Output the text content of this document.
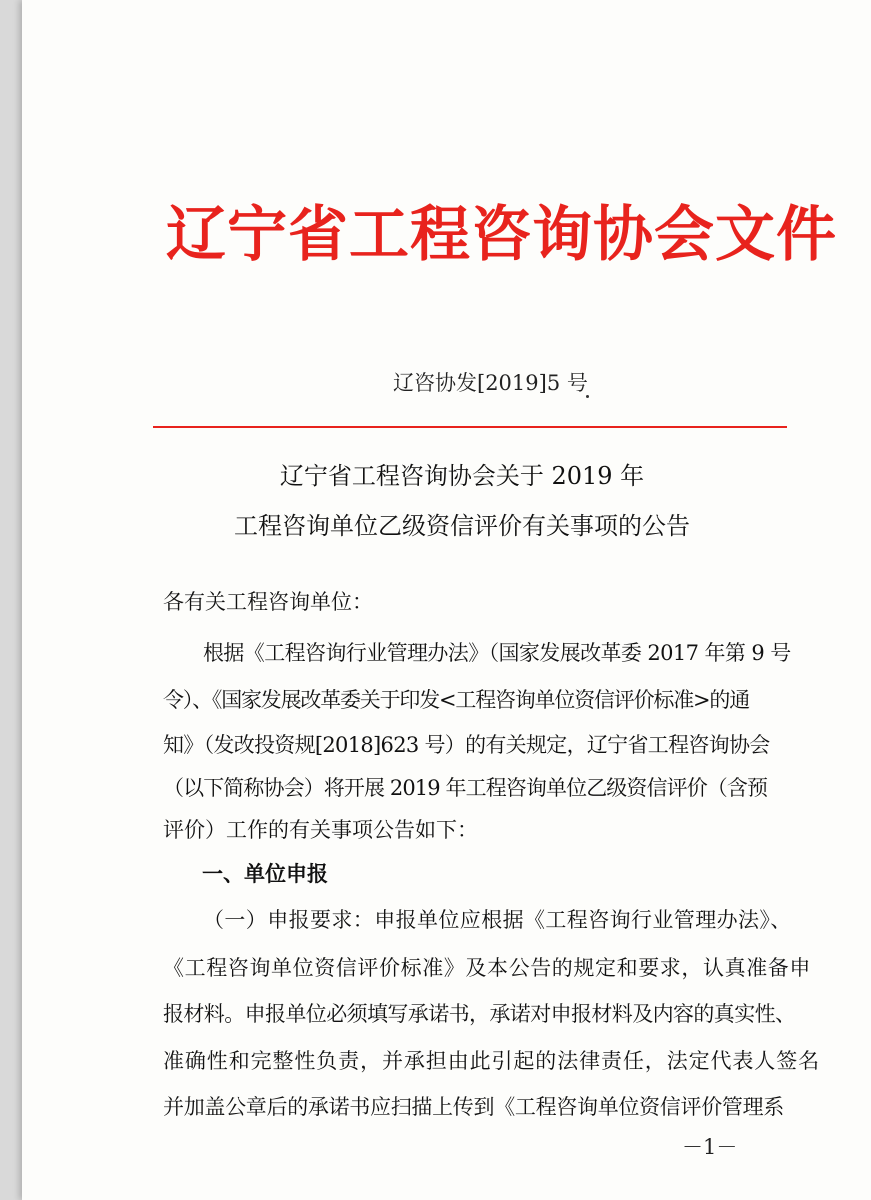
辽宁省工程咨询协会文件
辽咨协发[2019]5 号
辽宁省工程咨询协会关于 2019 年
工程咨询单位乙级资信评价有关事项的公告
各有关工程咨询单位：
根据《工程咨询行业管理办法》（国家发展改革委 2017 年第 9 号
令）、《国家发展改革委关于印发<工程咨询单位资信评价标准>的通
知》（发改投资规[2018]623 号）的有关规定，辽宁省工程咨询协会
（以下简称协会）将开展 2019 年工程咨询单位乙级资信评价（含预
评价）工作的有关事项公告如下：
一、单位申报
（一）申报要求：申报单位应根据《工程咨询行业管理办法》、
《工程咨询单位资信评价标准》及本公告的规定和要求，认真准备申
报材料。申报单位必须填写承诺书，承诺对申报材料及内容的真实性、
准确性和完整性负责，并承担由此引起的法律责任，法定代表人签名
并加盖公章后的承诺书应扫描上传到《工程咨询单位资信评价管理系
－1－
